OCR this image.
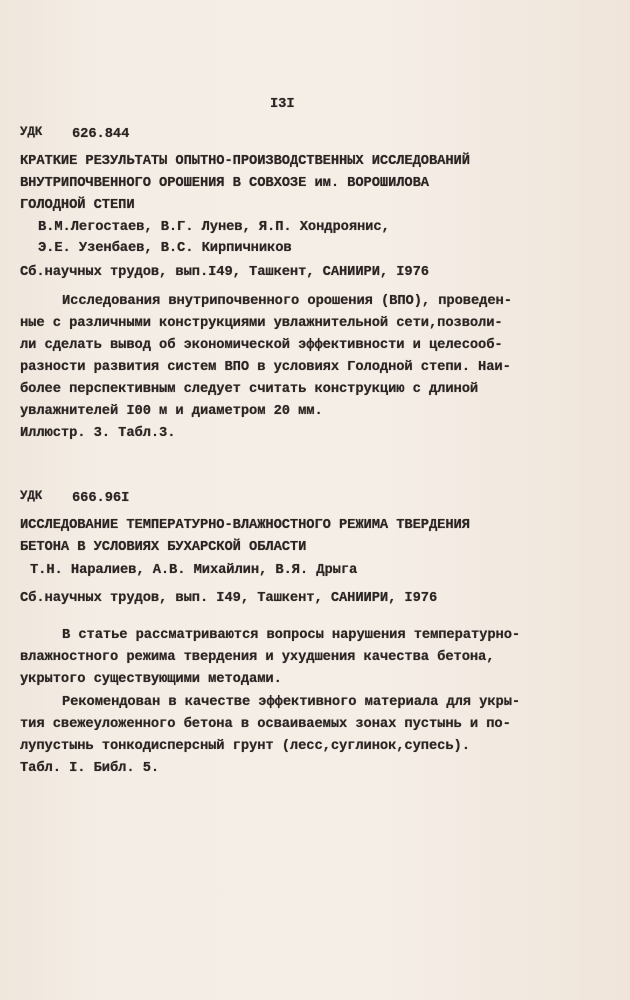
I3I
УДК 626.844
КРАТКИЕ РЕЗУЛЬТАТЫ ОПЫТНО-ПРОИЗВОДСТВЕННЫХ ИССЛЕДОВАНИЙ
ВНУТРИПОЧВЕННОГО ОРОШЕНИЯ В СОВХОЗЕ им. ВОРОШИЛОВА
ГОЛОДНОЙ СТЕПИ
В.М.Легостаев, В.Г. Лунев, Я.П. Хондроянис,
Э.Е. Узенбаев, В.С. Кирпичников
Сб.научных трудов, вып.I49, Ташкент, САНИИРИ, I976
Исследования внутрипочвенного орошения (ВПО), проведен-
ные с различными конструкциями увлажнительной сети,позволи-
ли сделать вывод об экономической эффективности и целесооб-
разности развития систем ВПО в условиях Голодной степи. Наи-
более перспективным следует считать конструкцию с длиной
увлажнителей I00 м и диаметром 20 мм.
Иллюстр. 3. Табл.3.
УДК 666.96I
ИССЛЕДОВАНИЕ ТЕМПЕРАТУРНО-ВЛАЖНОСТНОГО РЕЖИМА ТВЕРДЕНИЯ
БЕТОНА В УСЛОВИЯХ БУХАРСКОЙ ОБЛАСТИ
Т.Н. Наралиев, А.В. Михайлин, В.Я. Дрыга
Сб.научных трудов, вып. I49, Ташкент, САНИИРИ, I976
В статье рассматриваются вопросы нарушения температурно-
влажностного режима твердения и ухудшения качества бетона,
укрытого существующими методами.
Рекомендован в качестве эффективного материала для укры-
тия свежеуложенного бетона в осваиваемых зонах пустынь и по-
лупустынь тонкодисперсный грунт (лесс,суглинок,супесь).
Табл. I. Библ. 5.
